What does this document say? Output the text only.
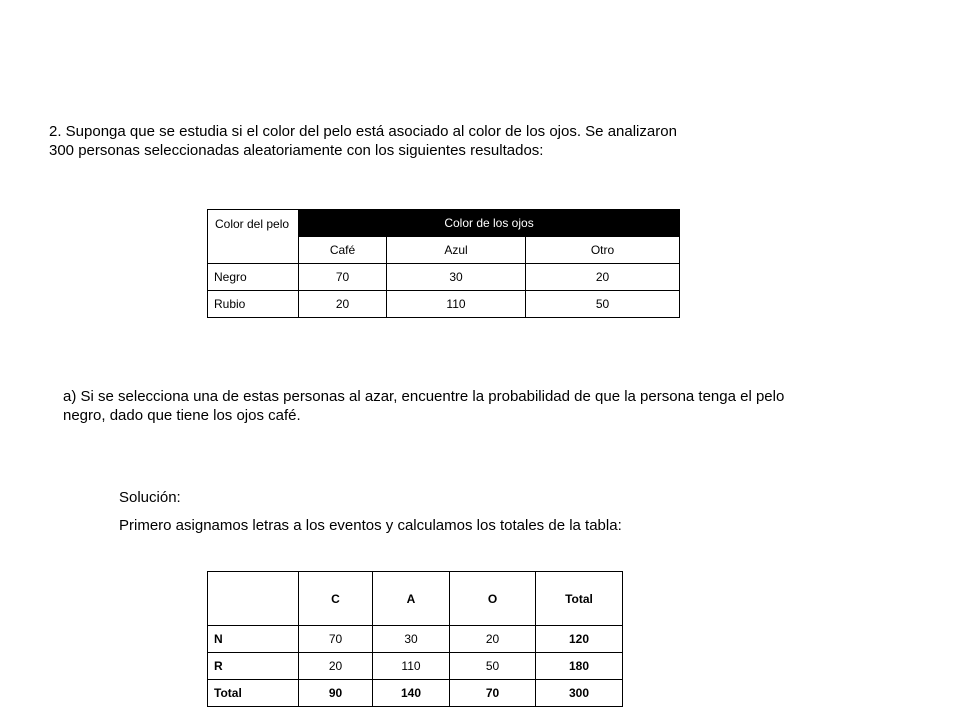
2. Suponga que se estudia si el color del pelo está asociado al color de los ojos. Se analizaron
300 personas seleccionadas aleatoriamente con los siguientes resultados:

Color del pelo	Color de los ojos		
	Café	Azul	Otro
Negro	70	30	20
Rubio	20	110	50

a) Si se selecciona una de estas personas al azar, encuentre la probabilidad de que la persona tenga el pelo
negro, dado que tiene los ojos café.

Solución:

Primero asignamos letras a los eventos y calculamos los totales de la tabla:

	C	A	O	Total
N	70	30	20	120
R	20	110	50	180
Total	90	140	70	300
